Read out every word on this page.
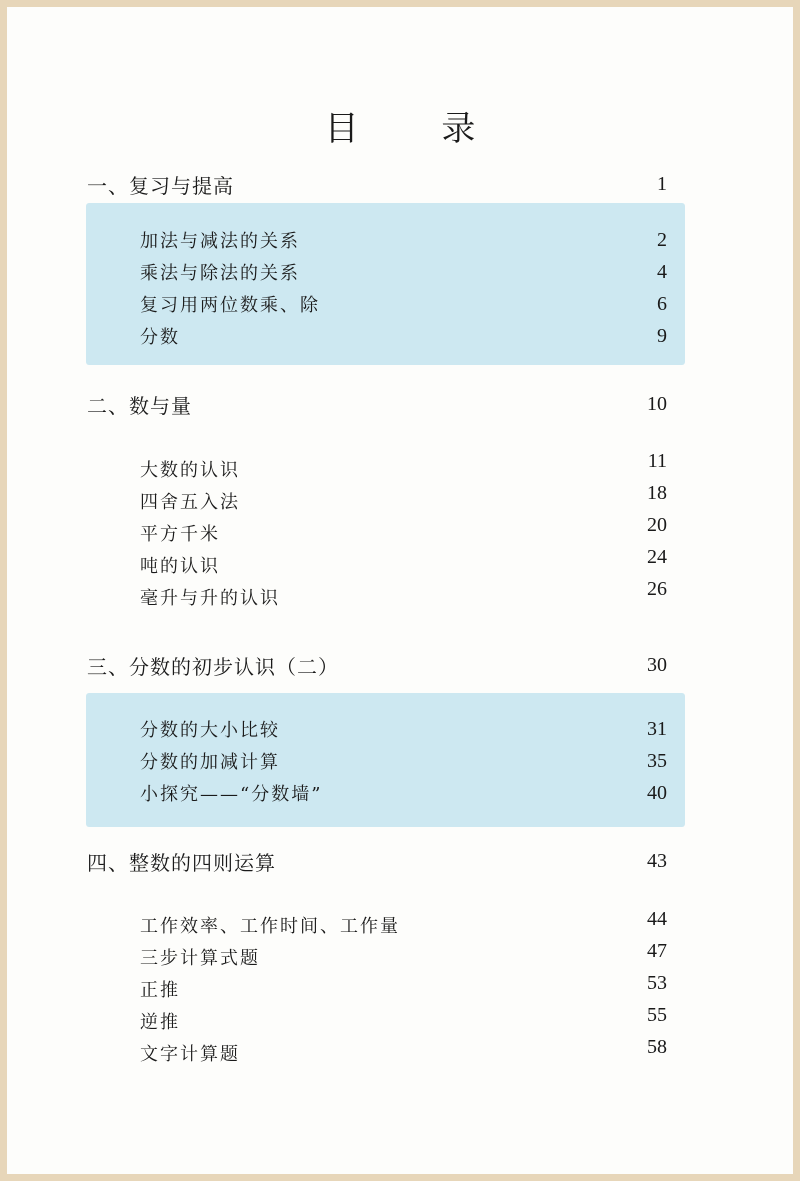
目 录
一、复习与提高	1
加法与减法的关系	2
乘法与除法的关系	4
复习用两位数乘、除	6
分数	9
二、数与量	10
大数的认识	11
四舍五入法	18
平方千米	20
吨的认识	24
毫升与升的认识	26
三、分数的初步认识（二）	30
分数的大小比较	31
分数的加减计算	35
小探究——“分数墙”	40
四、整数的四则运算	43
工作效率、工作时间、工作量	44
三步计算式题	47
正推	53
逆推	55
文字计算题	58
